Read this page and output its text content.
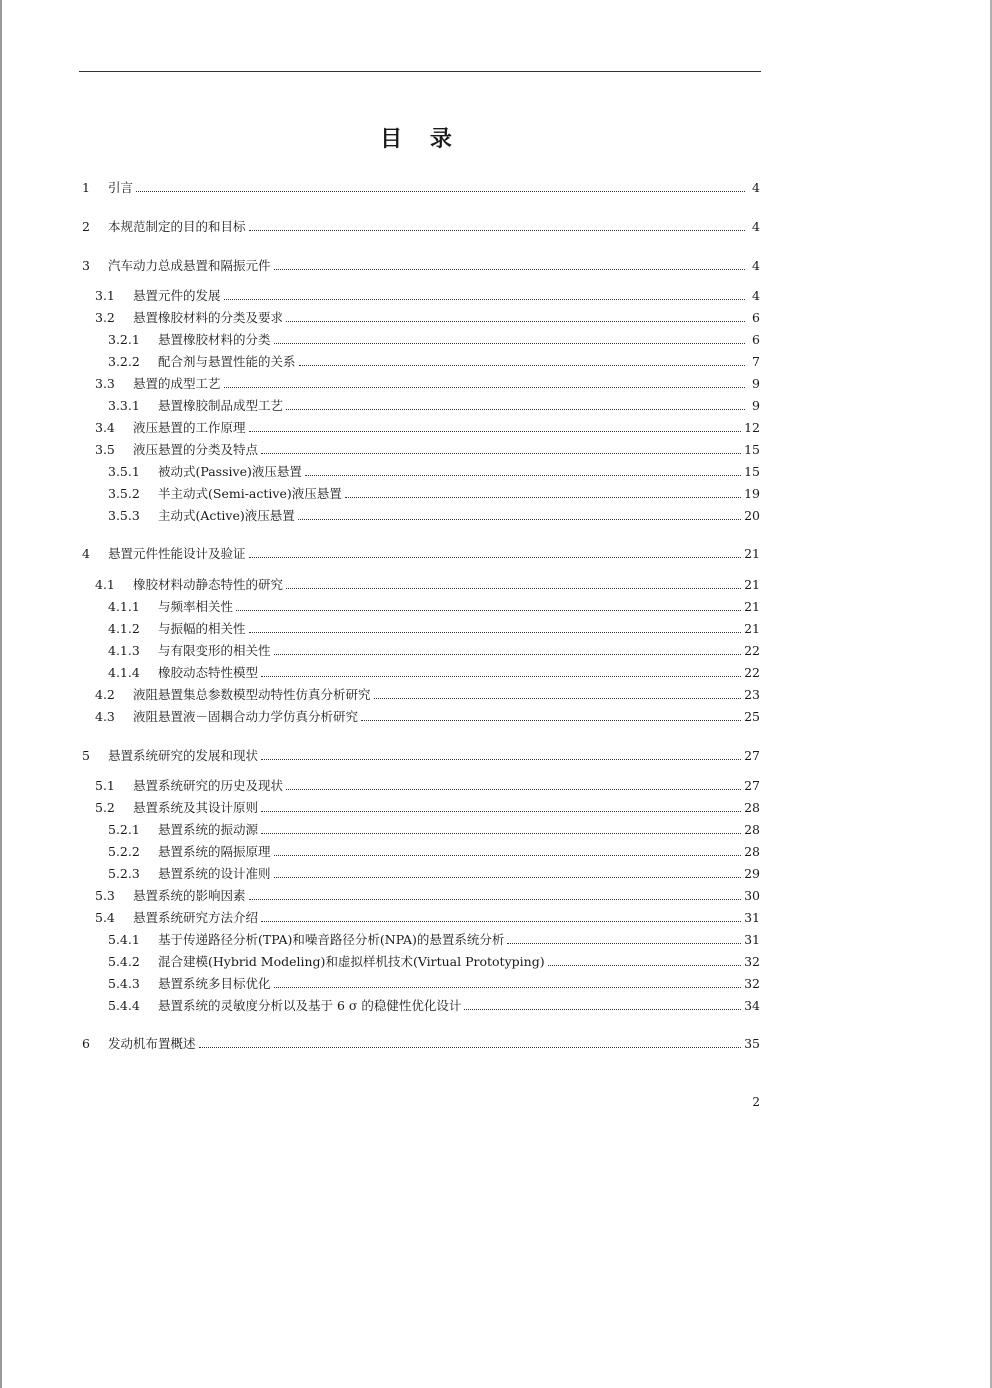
目 录
1 引言	4
2 本规范制定的目的和目标	4
3 汽车动力总成悬置和隔振元件	4
3.1 悬置元件的发展	4
3.2 悬置橡胶材料的分类及要求	6
3.2.1 悬置橡胶材料的分类	6
3.2.2 配合剂与悬置性能的关系	7
3.3 悬置的成型工艺	9
3.3.1 悬置橡胶制品成型工艺	9
3.4 液压悬置的工作原理	12
3.5 液压悬置的分类及特点	15
3.5.1 被动式(Passive)液压悬置	15
3.5.2 半主动式(Semi-active)液压悬置	19
3.5.3 主动式(Active)液压悬置	20
4 悬置元件性能设计及验证	21
4.1 橡胶材料动静态特性的研究	21
4.1.1 与频率相关性	21
4.1.2 与振幅的相关性	21
4.1.3 与有限变形的相关性	22
4.1.4 橡胶动态特性模型	22
4.2 液阻悬置集总参数模型动特性仿真分析研究	23
4.3 液阻悬置液－固耦合动力学仿真分析研究	25
5 悬置系统研究的发展和现状	27
5.1 悬置系统研究的历史及现状	27
5.2 悬置系统及其设计原则	28
5.2.1 悬置系统的振动源	28
5.2.2 悬置系统的隔振原理	28
5.2.3 悬置系统的设计准则	29
5.3 悬置系统的影响因素	30
5.4 悬置系统研究方法介绍	31
5.4.1 基于传递路径分析(TPA)和噪音路径分析(NPA)的悬置系统分析	31
5.4.2 混合建模(Hybrid Modeling)和虚拟样机技术(Virtual Prototyping)	32
5.4.3 悬置系统多目标优化	32
5.4.4 悬置系统的灵敏度分析以及基于 6 σ 的稳健性优化设计	34
6 发动机布置概述	35
2
